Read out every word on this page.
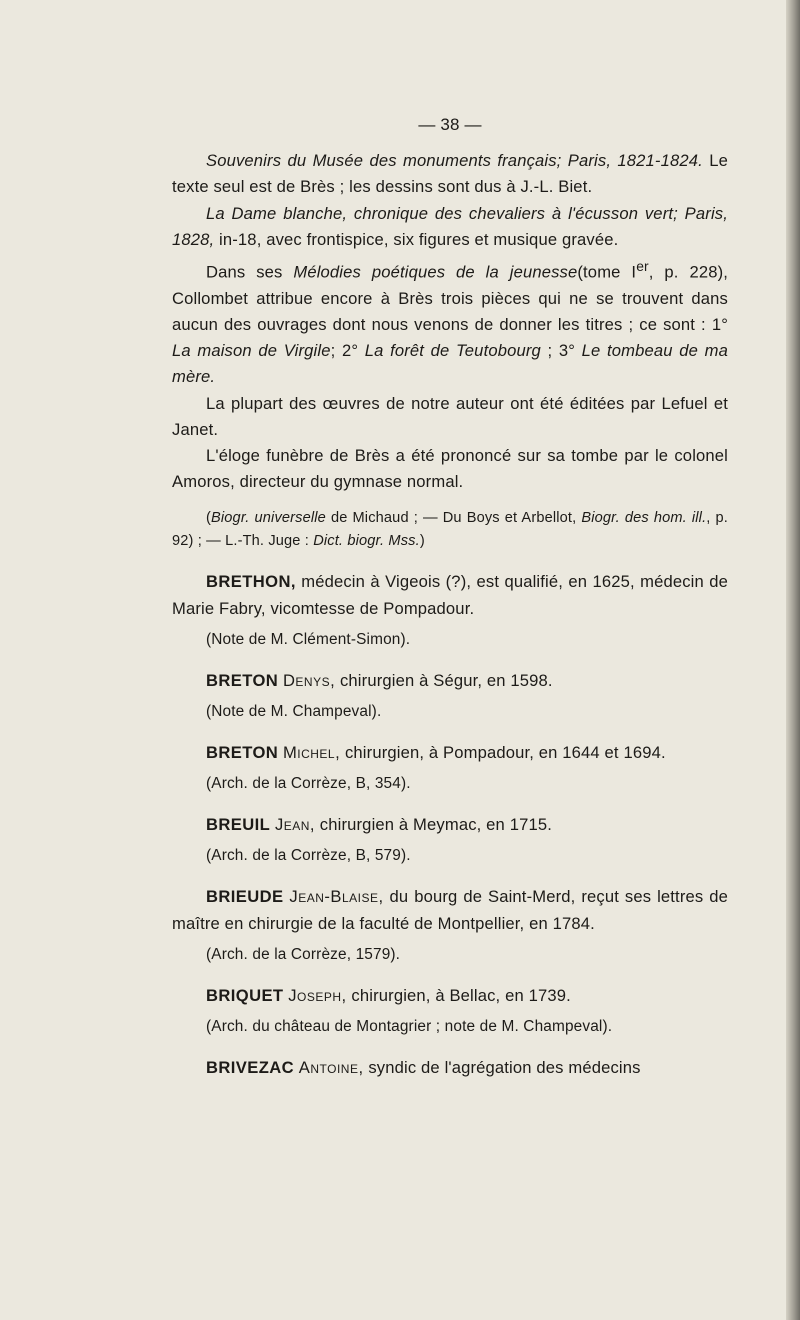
— 38 —

Souvenirs du Musée des monuments français; Paris, 1821-1824. Le texte seul est de Brès ; les dessins sont dus à J.-L. Biet.

La Dame blanche, chronique des chevaliers à l'écusson vert; Paris, 1828, in-18, avec frontispice, six figures et musique gravée.

Dans ses Mélodies poétiques de la jeunesse(tome Ier, p. 228), Collombet attribue encore à Brès trois pièces qui ne se trouvent dans aucun des ouvrages dont nous venons de donner les titres ; ce sont : 1° La maison de Virgile; 2° La forêt de Teutobourg ; 3° Le tombeau de ma mère.

La plupart des œuvres de notre auteur ont été éditées par Lefuel et Janet.

L'éloge funèbre de Brès a été prononcé sur sa tombe par le colonel Amoros, directeur du gymnase normal.

(Biogr. universelle de Michaud ; — Du Boys et Arbellot, Biogr. des hom. ill., p. 92) ; — L.-Th. Juge : Dict. biogr. Mss.)

BRETHON, médecin à Vigeois (?), est qualifié, en 1625, médecin de Marie Fabry, vicomtesse de Pompadour.

(Note de M. Clément-Simon).

BRETON Denys, chirurgien à Ségur, en 1598.

(Note de M. Champeval).

BRETON Michel, chirurgien, à Pompadour, en 1644 et 1694.

(Arch. de la Corrèze, B, 354).

BREUIL Jean, chirurgien à Meymac, en 1715.

(Arch. de la Corrèze, B, 579).

BRIEUDE Jean-Blaise, du bourg de Saint-Merd, reçut ses lettres de maître en chirurgie de la faculté de Montpellier, en 1784.

(Arch. de la Corrèze, 1579).

BRIQUET Joseph, chirurgien, à Bellac, en 1739.

(Arch. du château de Montagrier ; note de M. Champeval).

BRIVEZAC Antoine, syndic de l'agrégation des médecins
